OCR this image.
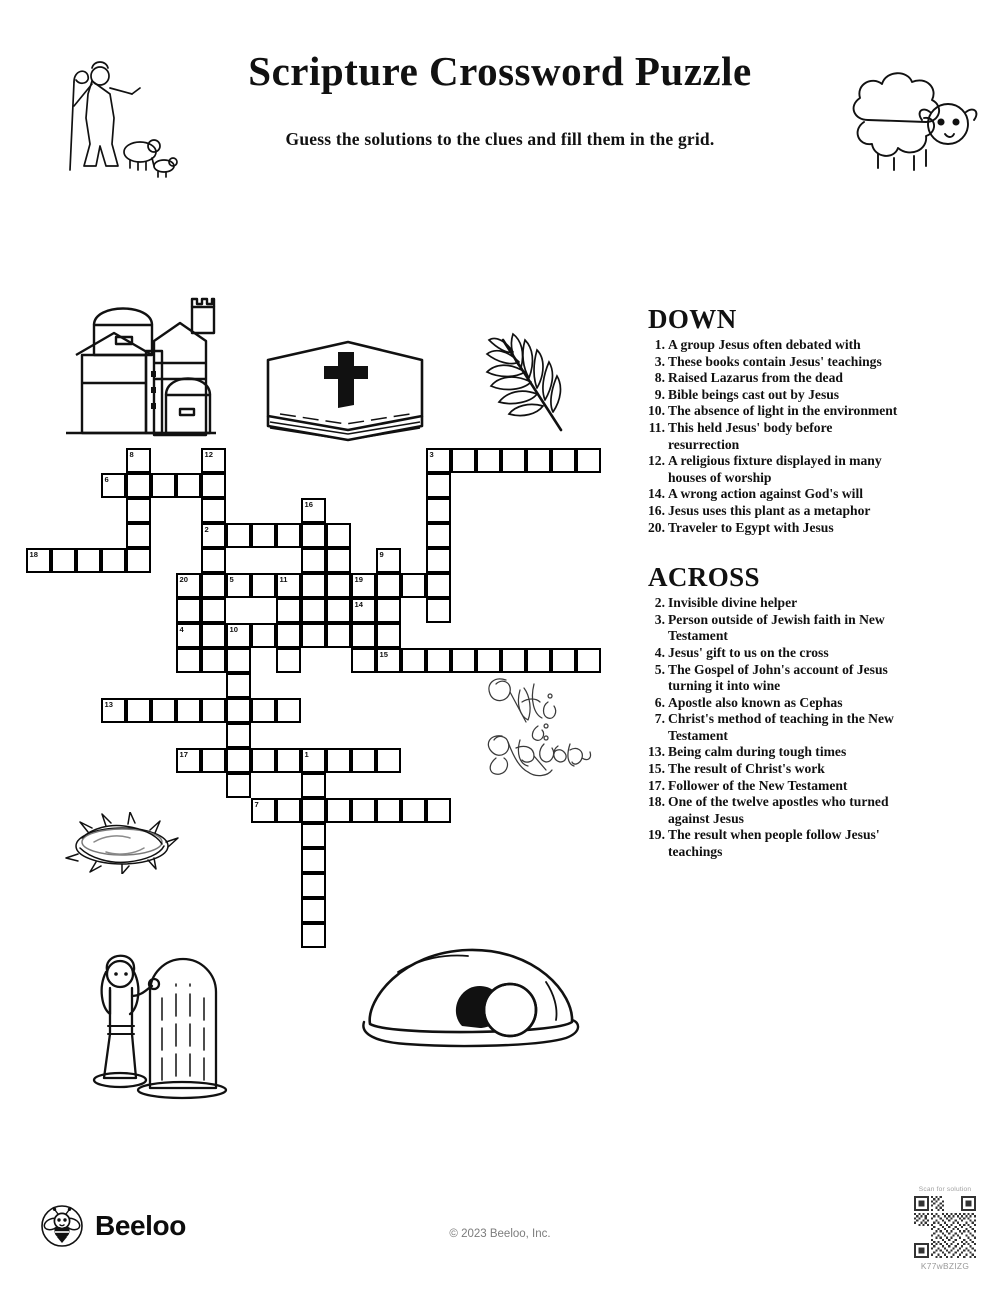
Scripture Crossword Puzzle

Guess the solutions to the clues and fill them in the grid.

8	3
12
6
16
2
18	9
20	5	11	19
14
4	10
15
13
17	1
7
DOWN
1. A group Jesus often debated with
3. These books contain Jesus' teachings
8. Raised Lazarus from the dead
9. Bible beings cast out by Jesus
10. The absence of light in the environment
11. This held Jesus' body before resurrection
12. A religious fixture displayed in many houses of worship
14. A wrong action against God's will
16. Jesus uses this plant as a metaphor
20. Traveler to Egypt with Jesus
ACROSS
2. Invisible divine helper
3. Person outside of Jewish faith in New Testament
4. Jesus' gift to us on the cross
5. The Gospel of John's account of Jesus turning it into wine
6. Apostle also known as Cephas
7. Christ's method of teaching in the New Testament
13. Being calm during tough times
15. The result of Christ's work
17. Follower of the New Testament
18. One of the twelve apostles who turned against Jesus
19. The result when people follow Jesus' teachings
Beeloo	© 2023 Beeloo, Inc.
Scan for solution
K77wBZIZG
